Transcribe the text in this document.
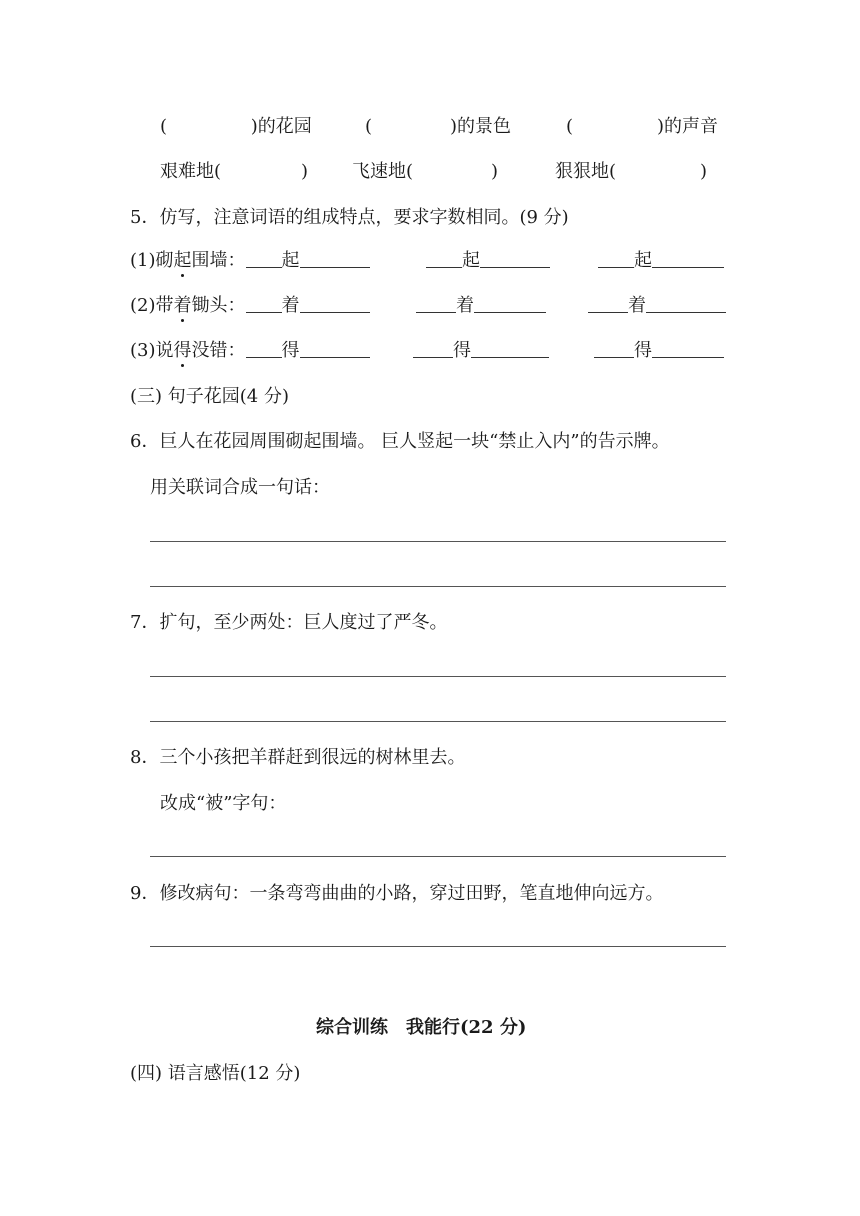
(	)的花园	(	)的景色	(	)的声音
艰难地(	) 飞速地(	)	狠狠地(	)
5．仿写，注意词语的组成特点，要求字数相同。(9 分)
(1)砌起围墙： 起	起	起
(2)带着锄头： 着	着	着
(3)说得没错： 得	得	得
(三) 句子花园(4 分)
6．巨人在花园周围砌起围墙。 巨人竖起一块“禁止入内”的告示牌。
用关联词合成一句话：
7．扩句，至少两处：巨人度过了严冬。
8．三个小孩把羊群赶到很远的树林里去。
改成“被”字句：
9．修改病句：一条弯弯曲曲的小路，穿过田野，笔直地伸向远方。
综合训练　我能行(22 分)
(四) 语言感悟(12 分)
